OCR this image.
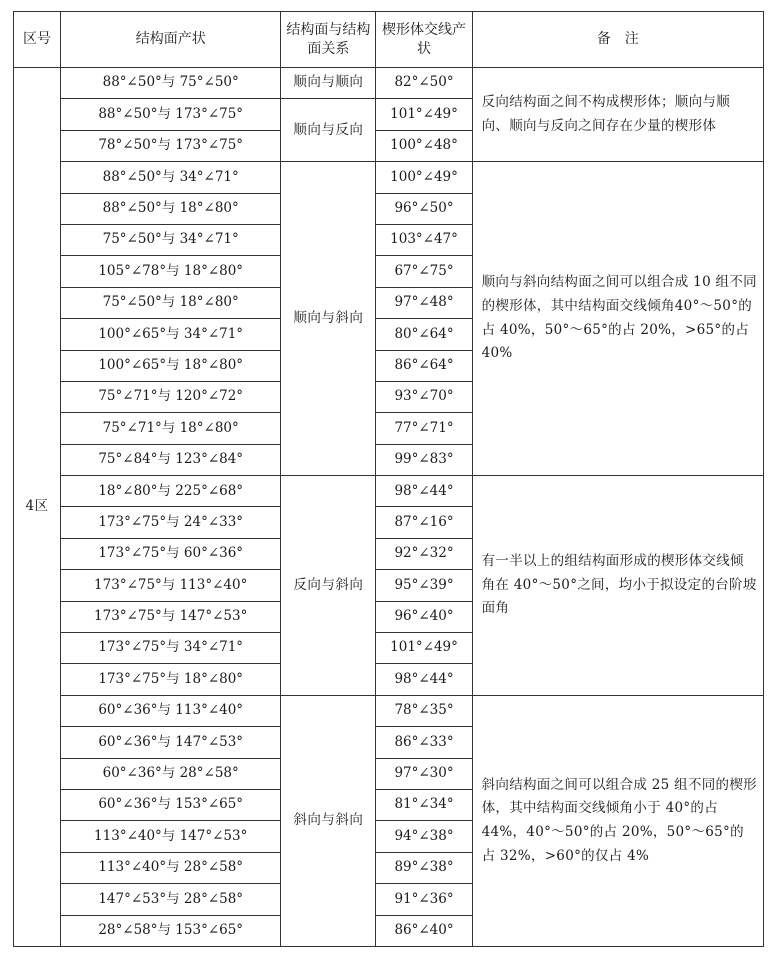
区号	结构面产状	结构面与结构面关系	楔形体交线产状	备　注
4区	88°∠50°与 75°∠50°	顺向与顺向	82°∠50°	反向结构面之间不构成楔形体；顺向与顺向、顺向与反向之间存在少量的楔形体
	88°∠50°与 173°∠75°	顺向与反向	101°∠49°	
	78°∠50°与 173°∠75°		100°∠48°	
	88°∠50°与 34°∠71°	顺向与斜向	100°∠49°	顺向与斜向结构面之间可以组合成 10 组不同的楔形体，其中结构面交线倾角40°～50°的占 40%，50°～65°的占 20%，>65°的占 40%
	88°∠50°与 18°∠80°		96°∠50°	
	75°∠50°与 34°∠71°		103°∠47°	
	105°∠78°与 18°∠80°		67°∠75°	
	75°∠50°与 18°∠80°		97°∠48°	
	100°∠65°与 34°∠71°		80°∠64°	
	100°∠65°与 18°∠80°		86°∠64°	
	75°∠71°与 120°∠72°		93°∠70°	
	75°∠71°与 18°∠80°		77°∠71°	
	75°∠84°与 123°∠84°		99°∠83°	
	18°∠80°与 225°∠68°	反向与斜向	98°∠44°	有一半以上的组结构面形成的楔形体交线倾角在 40°～50°之间，均小于拟设定的台阶坡面角
	173°∠75°与 24°∠33°		87°∠16°	
	173°∠75°与 60°∠36°		92°∠32°	
	173°∠75°与 113°∠40°		95°∠39°	
	173°∠75°与 147°∠53°		96°∠40°	
	173°∠75°与 34°∠71°		101°∠49°	
	173°∠75°与 18°∠80°		98°∠44°	
	60°∠36°与 113°∠40°	斜向与斜向	78°∠35°	斜向结构面之间可以组合成 25 组不同的楔形体，其中结构面交线倾角小于 40°的占 44%，40°～50°的占 20%，50°～65°的占 32%，>60°的仅占 4%
	60°∠36°与 147°∠53°		86°∠33°	
	60°∠36°与 28°∠58°		97°∠30°	
	60°∠36°与 153°∠65°		81°∠34°	
	113°∠40°与 147°∠53°		94°∠38°	
	113°∠40°与 28°∠58°		89°∠38°	
	147°∠53°与 28°∠58°		91°∠36°	
	28°∠58°与 153°∠65°		86°∠40°	
